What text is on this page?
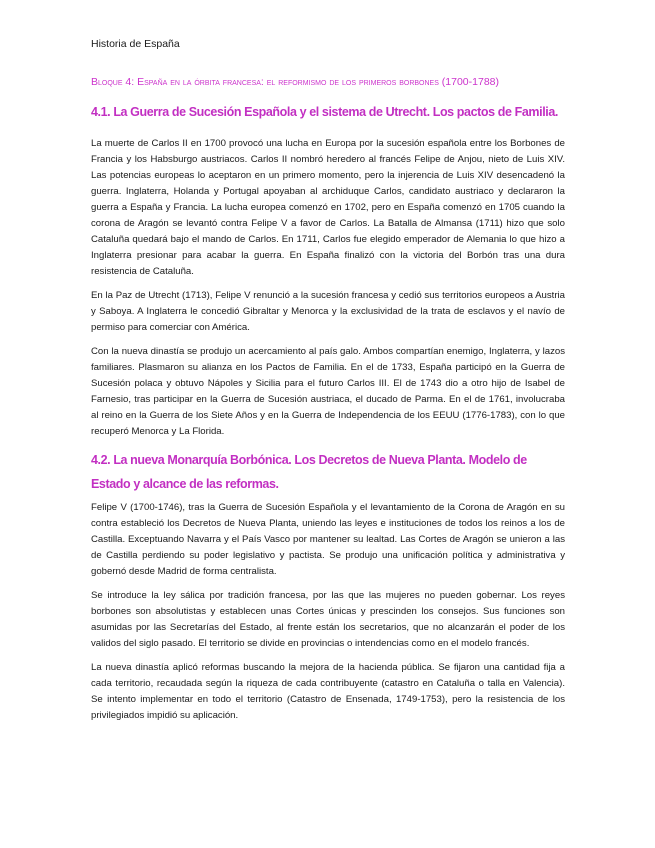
Historia de España
Bloque 4: España en la órbita francesa: el reformismo de los primeros borbones (1700-1788)
4.1. La Guerra de Sucesión Española y el sistema de Utrecht. Los pactos de Familia.

La muerte de Carlos II en 1700 provocó una lucha en Europa por la sucesión española entre los Borbones de Francia y los Habsburgo austriacos. Carlos II nombró heredero al francés Felipe de Anjou, nieto de Luis XIV. Las potencias europeas lo aceptaron en un primero momento, pero la injerencia de Luis XIV desencadenó la guerra. Inglaterra, Holanda y Portugal apoyaban al archiduque Carlos, candidato austriaco y declararon la guerra a España y Francia. La lucha europea comenzó en 1702, pero en España comenzó en 1705 cuando la corona de Aragón se levantó contra Felipe V a favor de Carlos. La Batalla de Almansa (1711) hizo que solo Cataluña quedará bajo el mando de Carlos. En 1711, Carlos fue elegido emperador de Alemania lo que hizo a Inglaterra presionar para acabar la guerra. En España finalizó con la victoria del Borbón tras una dura resistencia de Cataluña.

En la Paz de Utrecht (1713), Felipe V renunció a la sucesión francesa y cedió sus territorios europeos a Austria y Saboya. A Inglaterra le concedió Gibraltar y Menorca y la exclusividad de la trata de esclavos y el navío de permiso para comerciar con América.

Con la nueva dinastía se produjo un acercamiento al país galo. Ambos compartían enemigo, Inglaterra, y lazos familiares. Plasmaron su alianza en los Pactos de Familia. En el de 1733, España participó en la Guerra de Sucesión polaca y obtuvo Nápoles y Sicilia para el futuro Carlos III. El de 1743 dio a otro hijo de Isabel de Farnesio, tras participar en la Guerra de Sucesión austriaca, el ducado de Parma. En el de 1761, involucraba al reino en la Guerra de los Siete Años y en la Guerra de Independencia de los EEUU (1776-1783), con lo que recuperó Menorca y La Florida.

4.2. La nueva Monarquía Borbónica. Los Decretos de Nueva Planta. Modelo de Estado y alcance de las reformas.

Felipe V (1700-1746), tras la Guerra de Sucesión Española y el levantamiento de la Corona de Aragón en su contra estableció los Decretos de Nueva Planta, uniendo las leyes e instituciones de todos los reinos a los de Castilla. Exceptuando Navarra y el País Vasco por mantener su lealtad. Las Cortes de Aragón se unieron a las de Castilla perdiendo su poder legislativo y pactista. Se produjo una unificación política y administrativa y gobernó desde Madrid de forma centralista.

Se introduce la ley sálica por tradición francesa, por las que las mujeres no pueden gobernar. Los reyes borbones son absolutistas y establecen unas Cortes únicas y prescinden los consejos. Sus funciones son asumidas por las Secretarías del Estado, al frente están los secretarios, que no alcanzarán el poder de los validos del siglo pasado. El territorio se divide en provincias o intendencias como en el modelo francés.

La nueva dinastía aplicó reformas buscando la mejora de la hacienda pública. Se fijaron una cantidad fija a cada territorio, recaudada según la riqueza de cada contribuyente (catastro en Cataluña o talla en Valencia). Se intento implementar en todo el territorio (Catastro de Ensenada, 1749-1753), pero la resistencia de los privilegiados impidió su aplicación.
